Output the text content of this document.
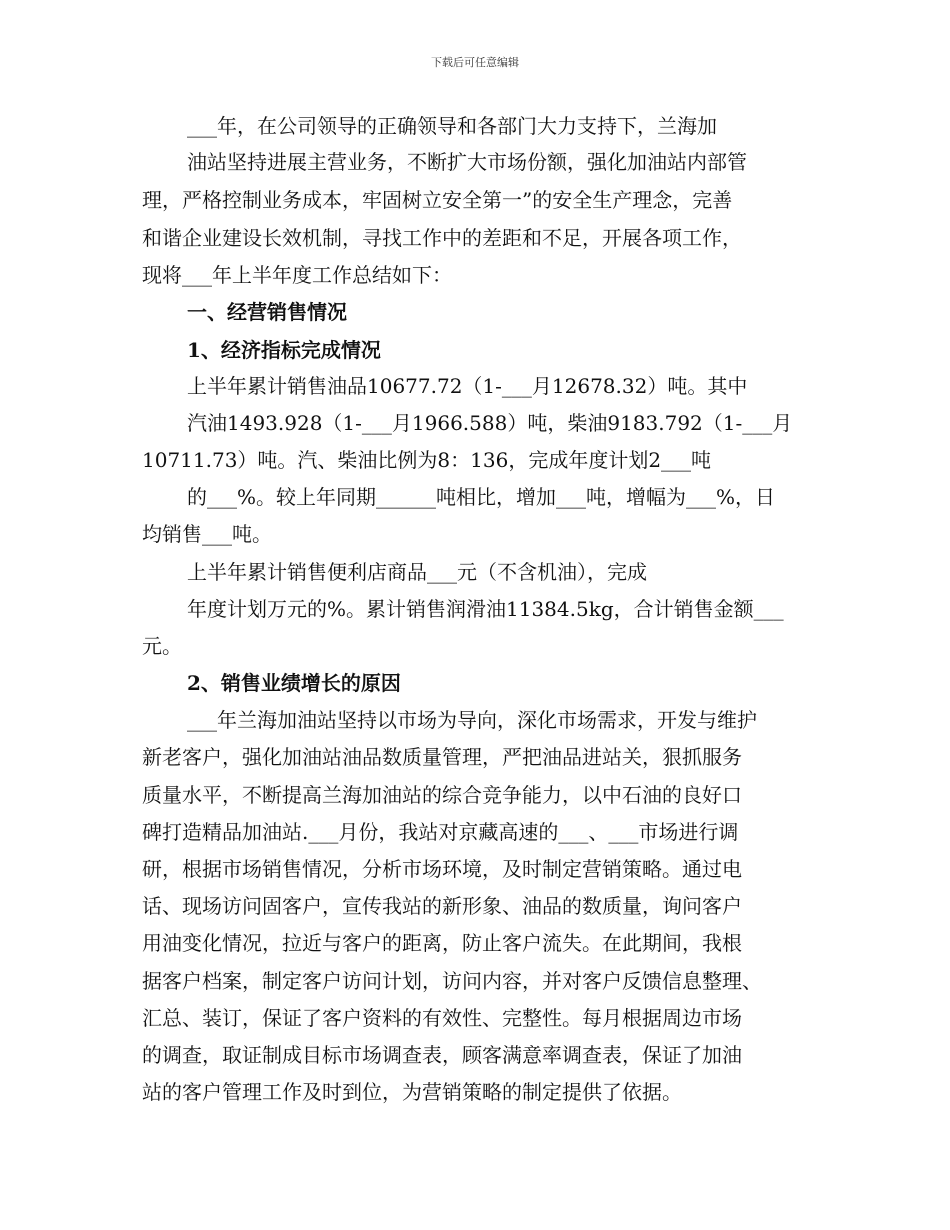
下载后可任意编辑
___年，在公司领导的正确领导和各部门大力支持下，兰海加
油站坚持进展主营业务，不断扩大市场份额，强化加油站内部管
理，严格控制业务成本，牢固树立安全第一”的安全生产理念，完善
和谐企业建设长效机制，寻找工作中的差距和不足，开展各项工作，
现将___年上半年度工作总结如下：
一、经营销售情况
1、经济指标完成情况
上半年累计销售油品10677.72（1-___月12678.32）吨。其中
汽油1493.928（1-___月1966.588）吨，柴油9183.792（1-___月
10711.73）吨。汽、柴油比例为8：136，完成年度计划2___吨
的___%。较上年同期______吨相比，增加___吨，增幅为___%，日
均销售___吨。
上半年累计销售便利店商品___元（不含机油），完成
年度计划万元的%。累计销售润滑油11384.5kg，合计销售金额___
元。
2、销售业绩增长的原因
___年兰海加油站坚持以市场为导向，深化市场需求，开发与维护
新老客户，强化加油站油品数质量管理，严把油品进站关，狠抓服务
质量水平，不断提高兰海加油站的综合竞争能力，以中石油的良好口
碑打造精品加油站.___月份，我站对京藏高速的___、___市场进行调
研，根据市场销售情况，分析市场环境，及时制定营销策略。通过电
话、现场访问固客户，宣传我站的新形象、油品的数质量，询问客户
用油变化情况，拉近与客户的距离，防止客户流失。在此期间，我根
据客户档案，制定客户访问计划，访问内容，并对客户反馈信息整理、
汇总、装订，保证了客户资料的有效性、完整性。每月根据周边市场
的调查，取证制成目标市场调查表，顾客满意率调查表，保证了加油
站的客户管理工作及时到位，为营销策略的制定提供了依据。
